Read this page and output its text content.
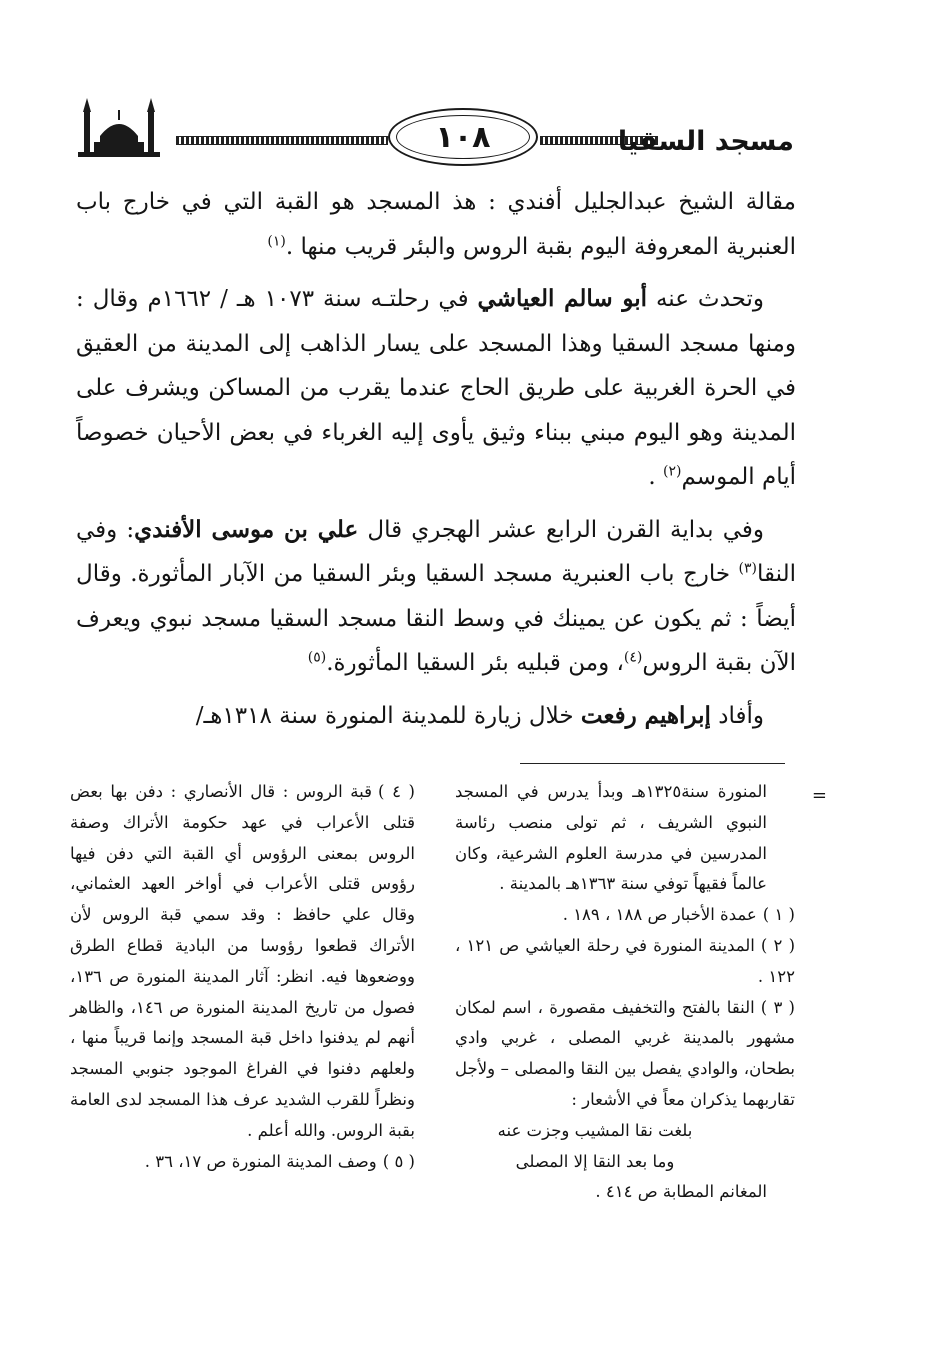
١٠٨	مسجد السقيا

مقالة الشيخ عبدالجليل أفندي : هذ المسجد هو القبة التي في خارج باب العنبرية المعروفة اليوم بقبة الروس والبئر قريب منها .$^{(١)}$

وتحدث عنه أبو سالم العياشي في رحلتـه سنة ١٠٧٣ هـ / ١٦٦٢م وقال : ومنها مسجد السقيا وهذا المسجد على يسار الذاهب إلى المدينة من العقيق في الحرة الغربية على طريق الحاج عندما يقرب من المساكن ويشرف على المدينة وهو اليوم مبني ببناء وثيق يأوى إليه الغرباء في بعض الأحيان خصوصاً أيام الموسم$^{(٢)}$ .

وفي بداية القرن الرابع عشر الهجري قال علي بن موسى الأفندي: وفي النقا$^{(٣)}$ خارج باب العنبرية مسجد السقيا وبئر السقيا من الآبار المأثورة. وقال أيضاً : ثم يكون عن يمينك في وسط النقا مسجد السقيا مسجد نبوي ويعرف الآن بقبة الروس$^{(٤)}$، ومن قبليه بئر السقيا المأثورة.$^{(٥)}$

وأفاد إبراهيم رفعت خلال زيارة للمدينة المنورة سنة ١٣١٨هـ/

=

المنورة سنة١٣٢٥هـ وبدأ يدرس في المسجد النبوي الشريف ، ثم تولى منصب رئاسة المدرسين في مدرسة العلوم الشرعية، وكان عالماً فقيهاً توفي سنة ١٣٦٣هـ بالمدينة .

( ١ )عمدة الأخبار ص ١٨٨ ، ١٨٩ .

( ٢ )المدينة المنورة في رحلة العياشي ص ١٢١ ، ١٢٢ .

( ٣ )النقا بالفتح والتخفيف مقصورة ، اسم لمكان مشهور بالمدينة غربي المصلى ، غربي وادي بطحان، والوادي يفصل بين النقا والمصلى – ولأجل تقاربهما يذكران معاً في الأشعار :

بلغت نقا المشيب وجزت عنه

وما بعد النقا إلا المصلى

المغانم المطابة ص ٤١٤ .

( ٤ )قبة الروس : قال الأنصاري : دفن بها بعض قتلى الأعراب في عهد حكومة الأتراك وصفة الروس بمعنى الرؤوس أي القبة التي دفن فيها رؤوس قتلى الأعراب في أواخر العهد العثماني، وقال علي حافظ : وقد سمي قبة الروس لأن الأتراك قطعوا رؤوسا من البادية قطاع الطرق ووضعوها فيه. انظر: آثار المدينة المنورة ص ١٣٦، فصول من تاريخ المدينة المنورة ص ١٤٦، والظاهر أنهم لم يدفنوا داخل قبة المسجد وإنما قريباً منها ، ولعلهم دفنوا في الفراغ الموجود جنوبي المسجد ونظراً للقرب الشديد عرف هذا المسجد لدى العامة بقبة الروس. والله أعلم .

( ٥ )وصف المدينة المنورة ص ١٧، ٣٦ .
